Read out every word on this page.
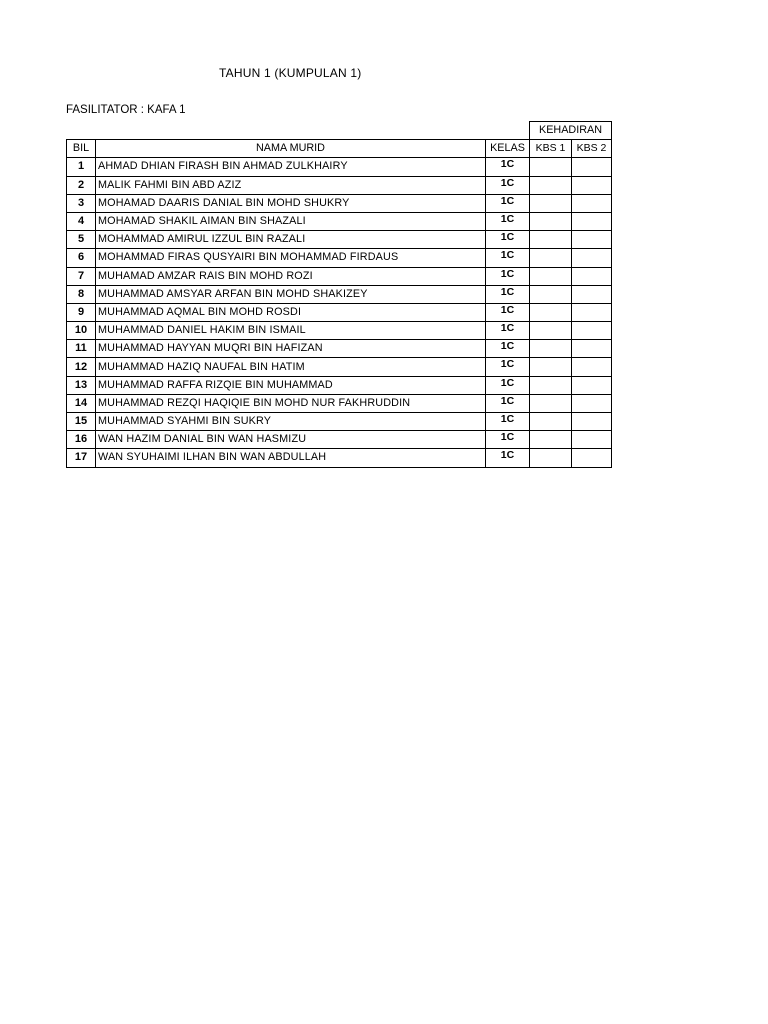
TAHUN 1 (KUMPULAN 1)
FASILITATOR : KAFA 1
			KEHADIRAN	
BIL	NAMA MURID	KELAS	KBS 1	KBS 2
1	AHMAD DHIAN FIRASH BIN AHMAD ZULKHAIRY	1C		
2	MALIK FAHMI BIN ABD AZIZ	1C		
3	MOHAMAD DAARIS DANIAL BIN MOHD SHUKRY	1C		
4	MOHAMAD SHAKIL AIMAN BIN SHAZALI	1C		
5	MOHAMMAD AMIRUL IZZUL BIN RAZALI	1C		
6	MOHAMMAD FIRAS QUSYAIRI BIN MOHAMMAD FIRDAUS	1C		
7	MUHAMAD AMZAR RAIS BIN MOHD ROZI	1C		
8	MUHAMMAD AMSYAR ARFAN BIN MOHD SHAKIZEY	1C		
9	MUHAMMAD AQMAL BIN MOHD ROSDI	1C		
10	MUHAMMAD DANIEL HAKIM BIN ISMAIL	1C		
11	MUHAMMAD HAYYAN MUQRI BIN HAFIZAN	1C		
12	MUHAMMAD HAZIQ NAUFAL BIN HATIM	1C		
13	MUHAMMAD RAFFA RIZQIE BIN MUHAMMAD	1C		
14	MUHAMMAD REZQI HAQIQIE BIN MOHD NUR FAKHRUDDIN	1C		
15	MUHAMMAD SYAHMI BIN SUKRY	1C		
16	WAN HAZIM DANIAL BIN WAN HASMIZU	1C		
17	WAN SYUHAIMI ILHAN BIN WAN ABDULLAH	1C		
